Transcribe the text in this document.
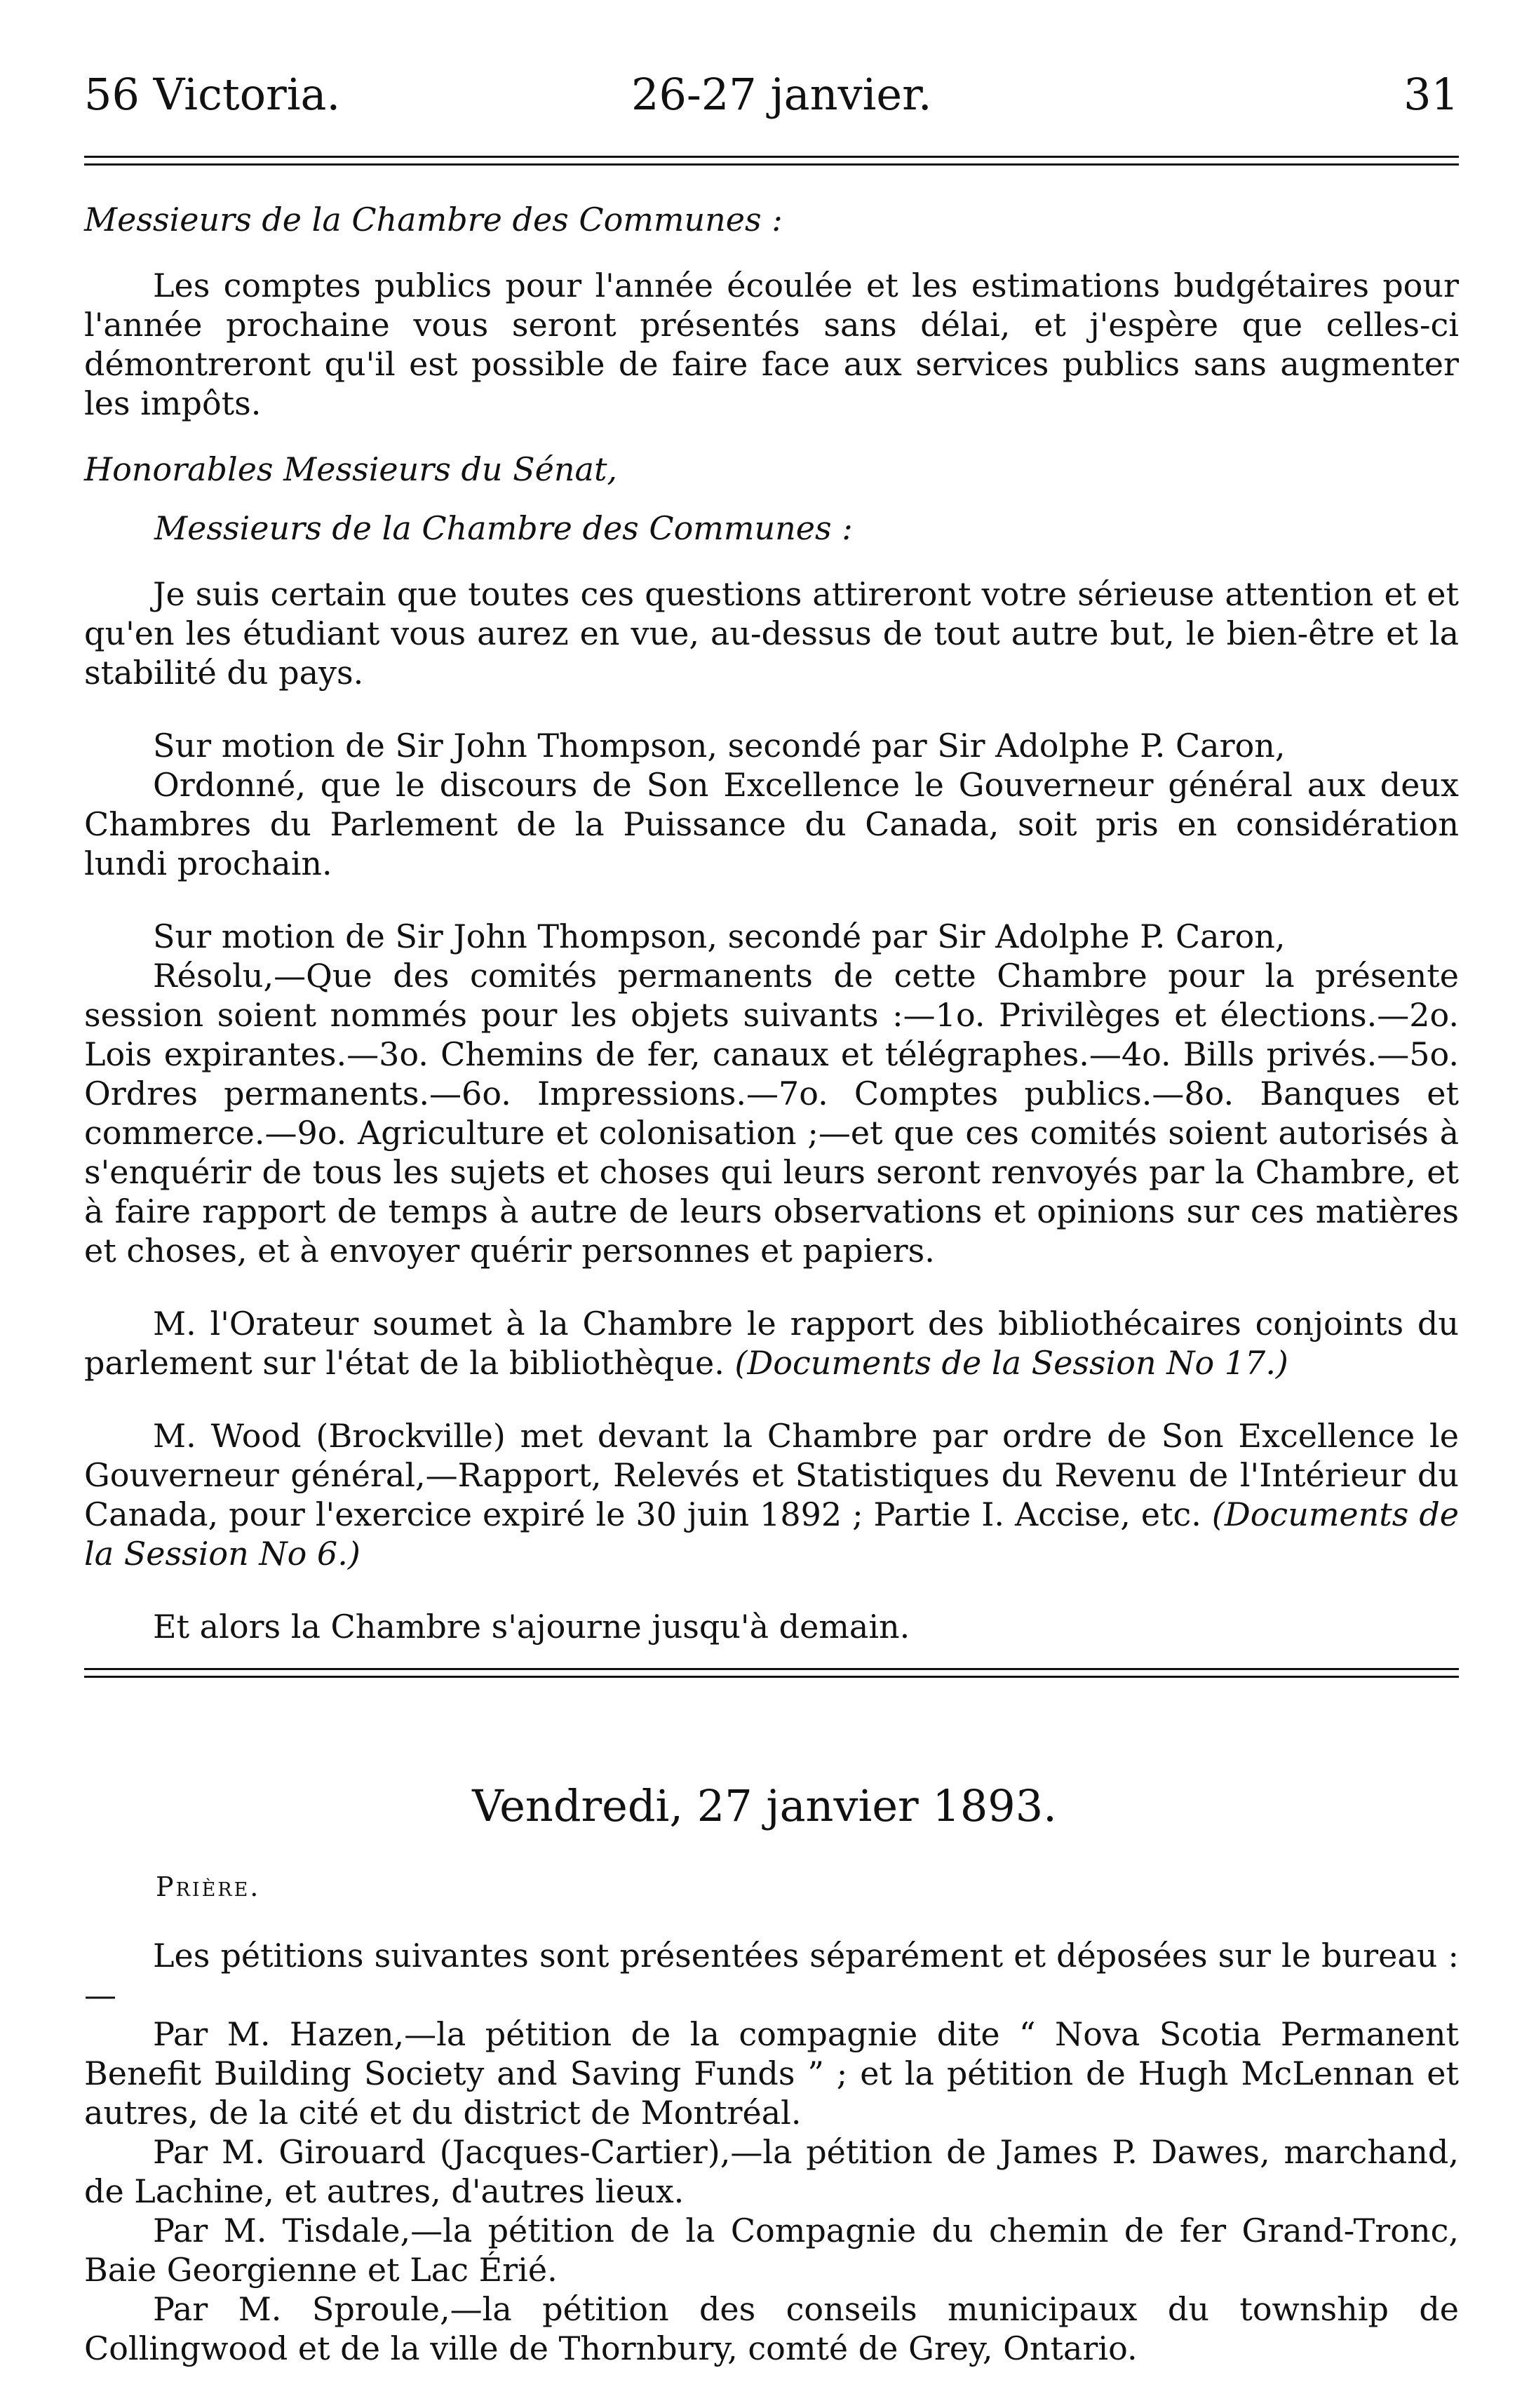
56 Victoria.	26-27 janvier.	31

Messieurs de la Chambre des Communes :

Les comptes publics pour l'année écoulée et les estimations budgétaires pour l'année prochaine vous seront présentés sans délai, et j'espère que celles-ci démontreront qu'il est possible de faire face aux services publics sans augmenter les impôts.

Honorables Messieurs du Sénat,

Messieurs de la Chambre des Communes :

Je suis certain que toutes ces questions attireront votre sérieuse attention et et qu'en les étudiant vous aurez en vue, au-dessus de tout autre but, le bien-être et la stabilité du pays.

Sur motion de Sir John Thompson, secondé par Sir Adolphe P. Caron,

Ordonné, que le discours de Son Excellence le Gouverneur général aux deux Chambres du Parlement de la Puissance du Canada, soit pris en considération lundi prochain.

Sur motion de Sir John Thompson, secondé par Sir Adolphe P. Caron,

Résolu,—Que des comités permanents de cette Chambre pour la présente session soient nommés pour les objets suivants :—1o. Privilèges et élections.—2o. Lois expirantes.—3o. Chemins de fer, canaux et télégraphes.—4o. Bills privés.—5o. Ordres permanents.—6o. Impressions.—7o. Comptes publics.—8o. Banques et commerce.—9o. Agriculture et colonisation ;—et que ces comités soient autorisés à s'enquérir de tous les sujets et choses qui leurs seront renvoyés par la Chambre, et à faire rapport de temps à autre de leurs observations et opinions sur ces matières et choses, et à envoyer quérir personnes et papiers.

M. l'Orateur soumet à la Chambre le rapport des bibliothécaires conjoints du parlement sur l'état de la bibliothèque. (Documents de la Session No 17.)

M. Wood (Brockville) met devant la Chambre par ordre de Son Excellence le Gouverneur général,—Rapport, Relevés et Statistiques du Revenu de l'Intérieur du Canada, pour l'exercice expiré le 30 juin 1892 ; Partie I. Accise, etc. (Documents de la Session No 6.)

Et alors la Chambre s'ajourne jusqu'à demain.

Vendredi, 27 janvier 1893.
Prière.

Les pétitions suivantes sont présentées séparément et déposées sur le bureau :—

Par M. Hazen,—la pétition de la compagnie dite “ Nova Scotia Permanent Benefit Building Society and Saving Funds ” ; et la pétition de Hugh McLennan et autres, de la cité et du district de Montréal.

Par M. Girouard (Jacques-Cartier),—la pétition de James P. Dawes, marchand, de Lachine, et autres, d'autres lieux.

Par M. Tisdale,—la pétition de la Compagnie du chemin de fer Grand-Tronc, Baie Georgienne et Lac Érié.

Par M. Sproule,—la pétition des conseils municipaux du township de Collingwood et de la ville de Thornbury, comté de Grey, Ontario.
